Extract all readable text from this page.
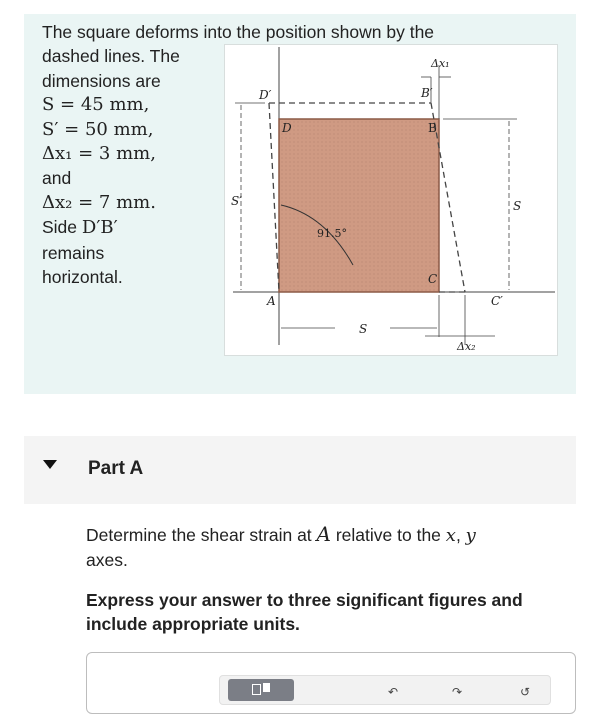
The square deforms into the position shown by the
dashed lines. The
dimensions are
S = 45 mm,
S′ = 50 mm,
Δx₁ = 3 mm,
and
Δx₂ = 7 mm.
Side D′B′
remains
horizontal.
D′	B′
D	B
A
C
C′
S′	S
S
91.5°
Δx₁
Δx₂
Part A
Determine the shear strain at A relative to the x, y
axes.
Express your answer to three significant figures and include appropriate units.
↶	↷	↺
